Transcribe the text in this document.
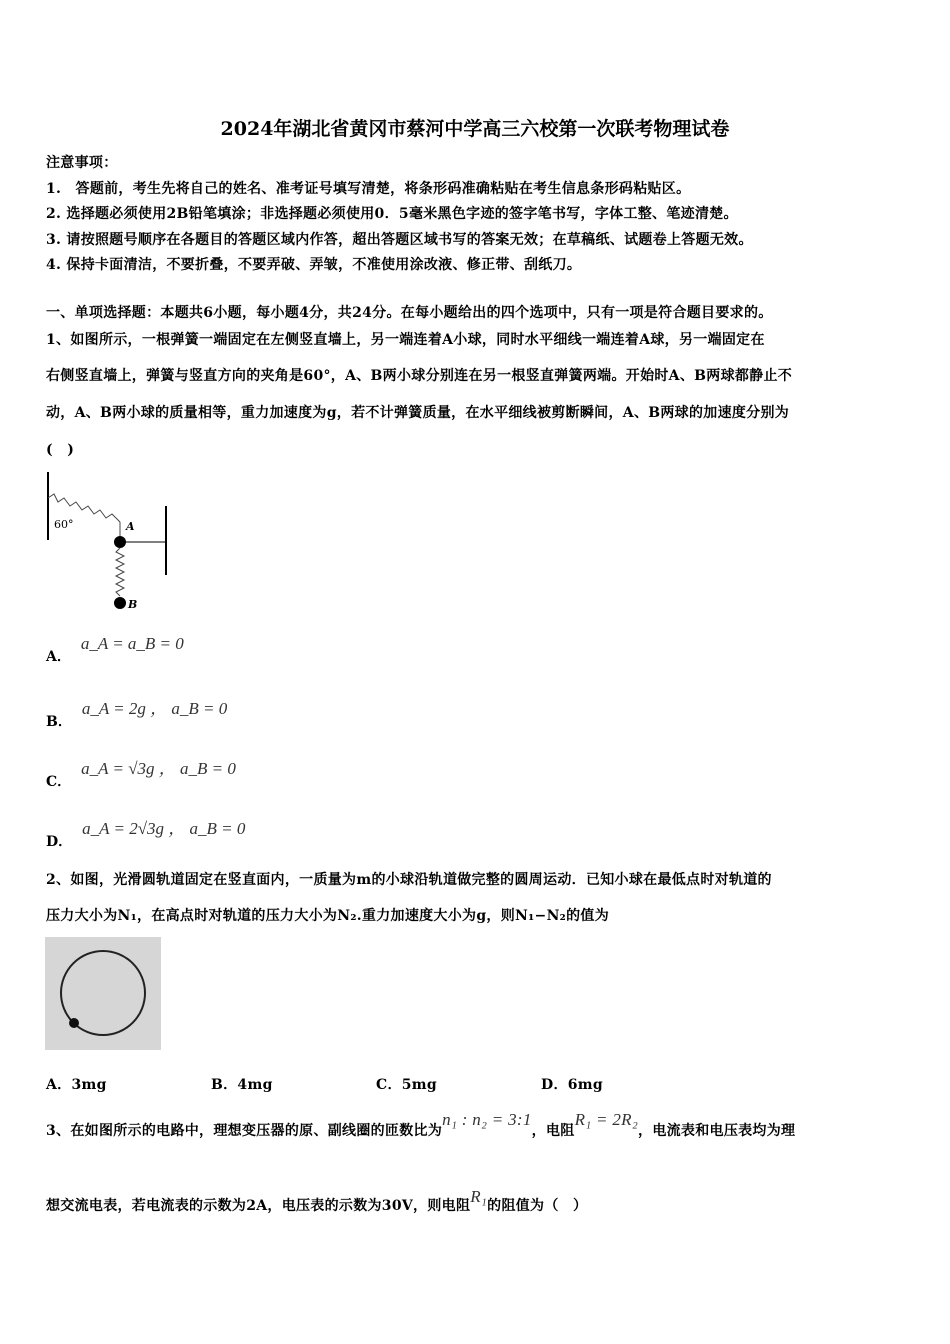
2024年湖北省黄冈市蔡河中学高三六校第一次联考物理试卷
注意事项：
1.　答题前，考生先将自己的姓名、准考证号填写清楚，将条形码准确粘贴在考生信息条形码粘贴区。
2. 选择题必须使用2B铅笔填涂；非选择题必须使用0．5毫米黑色字迹的签字笔书写，字体工整、笔迹清楚。
3. 请按照题号顺序在各题目的答题区域内作答，超出答题区域书写的答案无效；在草稿纸、试题卷上答题无效。
4. 保持卡面清洁，不要折叠，不要弄破、弄皱，不准使用涂改液、修正带、刮纸刀。
一、单项选择题：本题共6小题，每小题4分，共24分。在每小题给出的四个选项中，只有一项是符合题目要求的。
1、如图所示，一根弹簧一端固定在左侧竖直墙上，另一端连着A小球，同时水平细线一端连着A球，另一端固定在
右侧竖直墙上，弹簧与竖直方向的夹角是60°，A、B两小球分别连在另一根竖直弹簧两端。开始时A、B两球都静止不
动，A、B两小球的质量相等，重力加速度为g，若不计弹簧质量，在水平细线被剪断瞬间，A、B两球的加速度分别为
(　)
60°	A
B
A．a_A = a_B = 0
B．a_A = 2g ， a_B = 0
C．a_A = √3g ， a_B = 0
D．a_A = 2√3g ， a_B = 0
2、如图，光滑圆轨道固定在竖直面内，一质量为m的小球沿轨道做完整的圆周运动．已知小球在最低点时对轨道的
压力大小为N₁，在高点时对轨道的压力大小为N₂.重力加速度大小为g，则N₁−N₂的值为
A．3mg	B．4mg	C．5mg	D．6mg
3、在如图所示的电路中，理想变压器的原、副线圈的匝数比为n₁ : n₂ = 3:1，电阻R₁ = 2R₂，电流表和电压表均为理
想交流电表，若电流表的示数为2A，电压表的示数为30V，则电阻R₁的阻值为（　）
